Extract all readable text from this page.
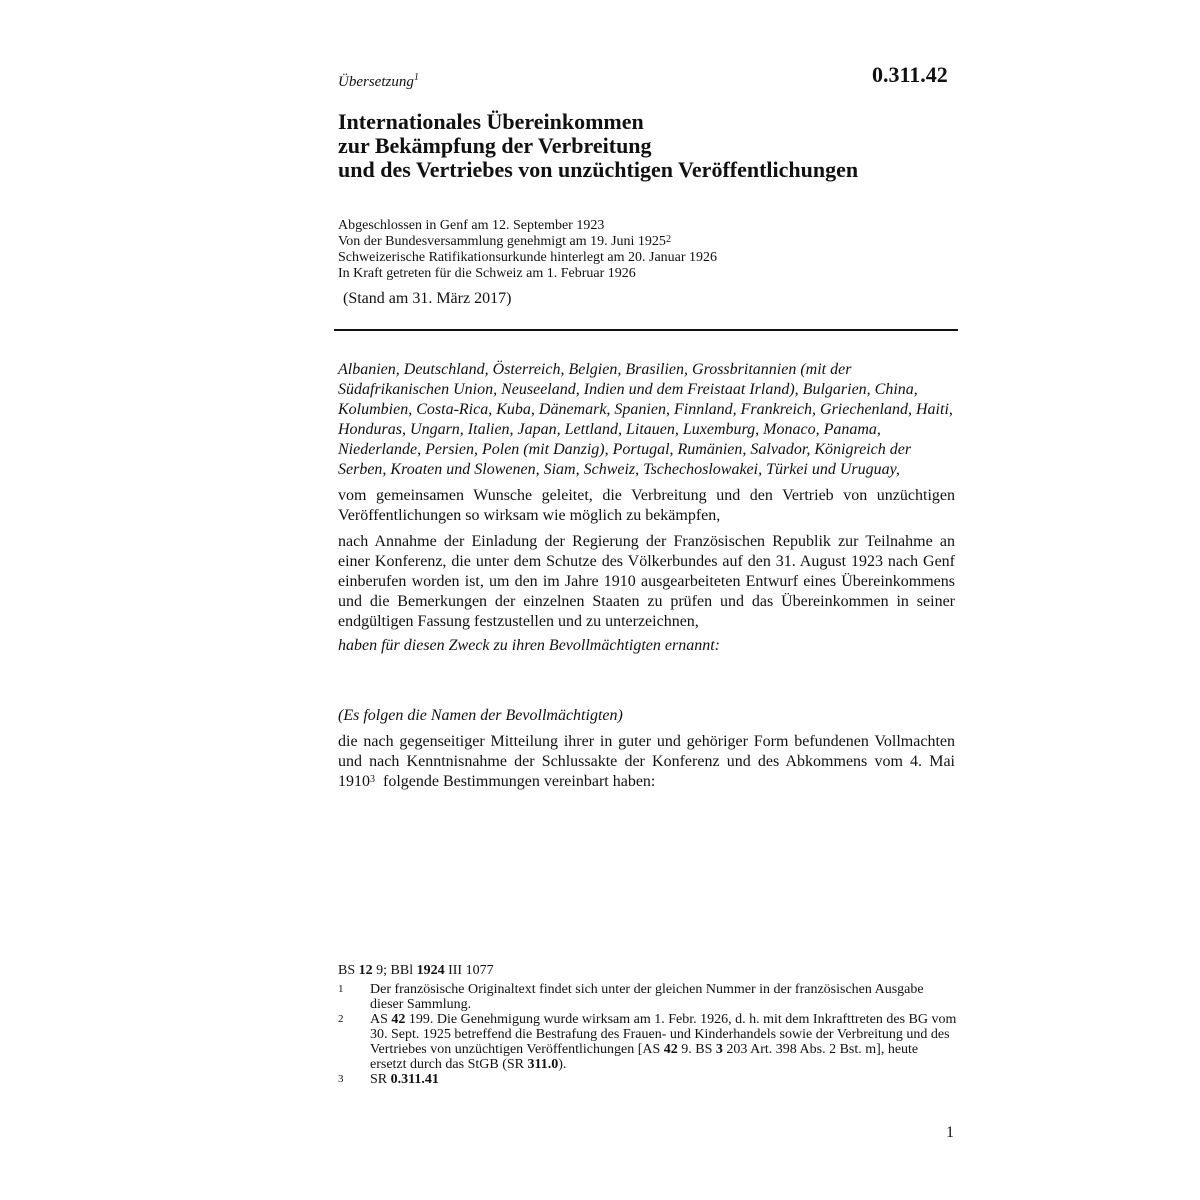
Übersetzung$^1$	0.311.42
Internationales Übereinkommen
zur Bekämpfung der Verbreitung
und des Vertriebes von unzüchtigen Veröffentlichungen
Abgeschlossen in Genf am 12. September 1923
Von der Bundesversammlung genehmigt am 19. Juni 1925$^2$
Schweizerische Ratifikationsurkunde hinterlegt am 20. Januar 1926
In Kraft getreten für die Schweiz am 1. Februar 1926
(Stand am 31. März 2017)

Albanien, Deutschland, Österreich, Belgien, Brasilien, Grossbritannien (mit der Südafrikanischen Union, Neuseeland, Indien und dem Freistaat Irland), Bulgarien, China, Kolumbien, Costa-Rica, Kuba, Dänemark, Spanien, Finnland, Frankreich, Griechenland, Haiti, Honduras, Ungarn, Italien, Japan, Lettland, Litauen, Luxemburg, Monaco, Panama, Niederlande, Persien, Polen (mit Danzig), Portugal, Rumänien, Salvador, Königreich der Serben, Kroaten und Slowenen, Siam, Schweiz, Tschechoslowakei, Türkei und Uruguay,

vom gemeinsamen Wunsche geleitet, die Verbreitung und den Vertrieb von unzüchtigen Veröffentlichungen so wirksam wie möglich zu bekämpfen,

nach Annahme der Einladung der Regierung der Französischen Republik zur Teilnahme an einer Konferenz, die unter dem Schutze des Völkerbundes auf den 31. August 1923 nach Genf einberufen worden ist, um den im Jahre 1910 ausgearbeiteten Entwurf eines Übereinkommens und die Bemerkungen der einzelnen Staaten zu prüfen und das Übereinkommen in seiner endgültigen Fassung festzustellen und zu unterzeichnen,

haben für diesen Zweck zu ihren Bevollmächtigten ernannt:

(Es folgen die Namen der Bevollmächtigten)

die nach gegenseitiger Mitteilung ihrer in guter und gehöriger Form befundenen Vollmachten und nach Kenntnisnahme der Schlussakte der Konferenz und des Abkommens vom 4. Mai 1910$^3$  folgende Bestimmungen vereinbart haben:

BS 12 9; BBl 1924 III 1077
1	Der französische Originaltext findet sich unter der gleichen Nummer in der französischen Ausgabe dieser Sammlung.
2	AS 42 199. Die Genehmigung wurde wirksam am 1. Febr. 1926, d. h. mit dem Inkrafttreten des BG vom 30. Sept. 1925 betreffend die Bestrafung des Frauen- und Kinderhandels sowie der Verbreitung und des Vertriebes von unzüchtigen Veröffentlichungen [AS 42 9. BS 3 203 Art. 398 Abs. 2 Bst. m], heute ersetzt durch das StGB (SR 311.0).
3	SR 0.311.41
1
